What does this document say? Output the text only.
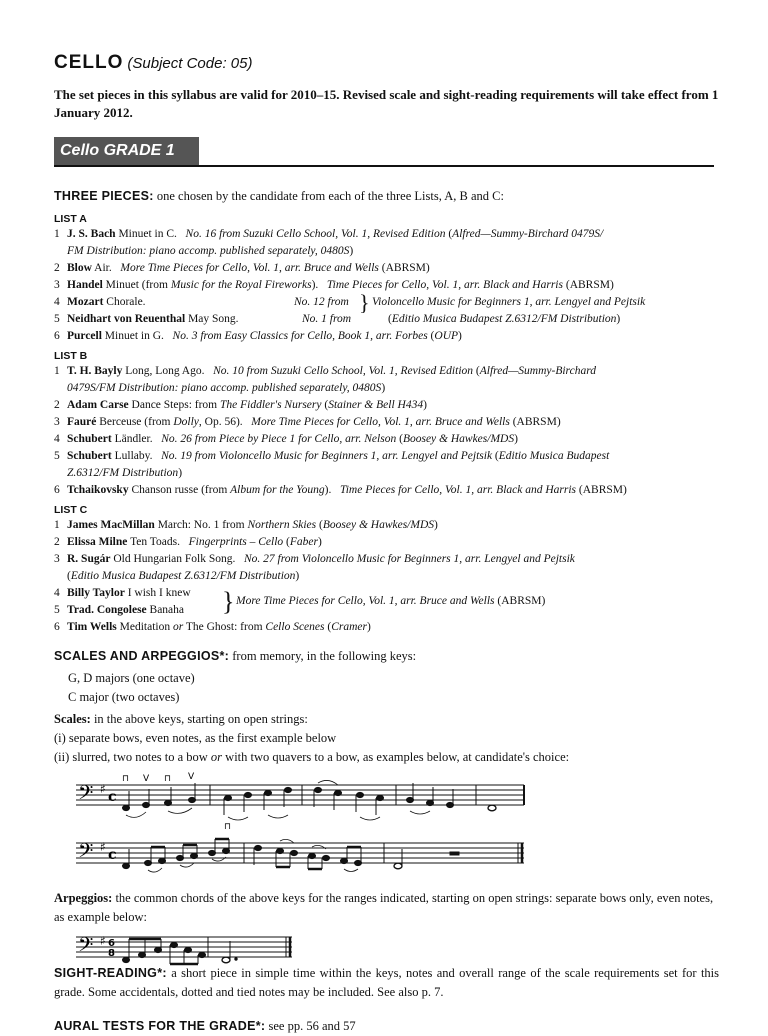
CELLO (Subject Code: 05)
The set pieces in this syllabus are valid for 2010–15. Revised scale and sight-reading requirements will take effect from 1 January 2012.
Cello GRADE 1
THREE PIECES: one chosen by the candidate from each of the three Lists, A, B and C:
LIST A
1 J. S. Bach Minuet in C. No. 16 from Suzuki Cello School, Vol. 1, Revised Edition (Alfred—Summy-Birchard 0479S/
FM Distribution: piano accomp. published separately, 0480S)
2 Blow Air. More Time Pieces for Cello, Vol. 1, arr. Bruce and Wells (ABRSM)
3 Handel Minuet (from Music for the Royal Fireworks). Time Pieces for Cello, Vol. 1, arr. Black and Harris (ABRSM)
4 Mozart Chorale.	No. 12 from } Violoncello Music for Beginners 1, arr. Lengyel and Pejtsik
5 Neidhart von Reuenthal May Song.	No. 1 from	(Editio Musica Budapest Z.6312/FM Distribution)
6 Purcell Minuet in G. No. 3 from Easy Classics for Cello, Book 1, arr. Forbes (OUP)
LIST B
1 T. H. Bayly Long, Long Ago. No. 10 from Suzuki Cello School, Vol. 1, Revised Edition (Alfred—Summy-Birchard
0479S/FM Distribution: piano accomp. published separately, 0480S)
2 Adam Carse Dance Steps: from The Fiddler's Nursery (Stainer & Bell H434)
3 Fauré Berceuse (from Dolly, Op. 56). More Time Pieces for Cello, Vol. 1, arr. Bruce and Wells (ABRSM)
4 Schubert Ländler. No. 26 from Piece by Piece 1 for Cello, arr. Nelson (Boosey & Hawkes/MDS)
5 Schubert Lullaby. No. 19 from Violoncello Music for Beginners 1, arr. Lengyel and Pejtsik (Editio Musica Budapest
Z.6312/FM Distribution)
6 Tchaikovsky Chanson russe (from Album for the Young). Time Pieces for Cello, Vol. 1, arr. Black and Harris (ABRSM)
LIST C
1 James MacMillan March: No. 1 from Northern Skies (Boosey & Hawkes/MDS)
2 Elissa Milne Ten Toads. Fingerprints – Cello (Faber)
3 R. Sugár Old Hungarian Folk Song. No. 27 from Violoncello Music for Beginners 1, arr. Lengyel and Pejtsik
(Editio Musica Budapest Z.6312/FM Distribution)
4 Billy Taylor I wish I knew } More Time Pieces for Cello, Vol. 1, arr. Bruce and Wells (ABRSM)
5 Trad. Congolese Banaha
6 Tim Wells Meditation or The Ghost: from Cello Scenes (Cramer)
SCALES AND ARPEGGIOS*: from memory, in the following keys:
G, D majors (one octave)
C major (two octaves)
Scales: in the above keys, starting on open strings:
(i) separate bows, even notes, as the first example below
(ii) slurred, two notes to a bow or with two quavers to a bow, as examples below, at candidate's choice:
𝄢 ♯ c
⊓ V ⊓ V
⊓
𝄢 ♯ c
Arpeggios: the common chords of the above keys for the ranges indicated, starting on open strings: separate bows only, even notes, as example below:
𝄢 ♯ 6
8
SIGHT-READING*: a short piece in simple time within the keys, notes and overall range of the scale requirements set for this grade. Some accidentals, dotted and tied notes may be included. See also p. 7.
AURAL TESTS FOR THE GRADE*: see pp. 56 and 57
